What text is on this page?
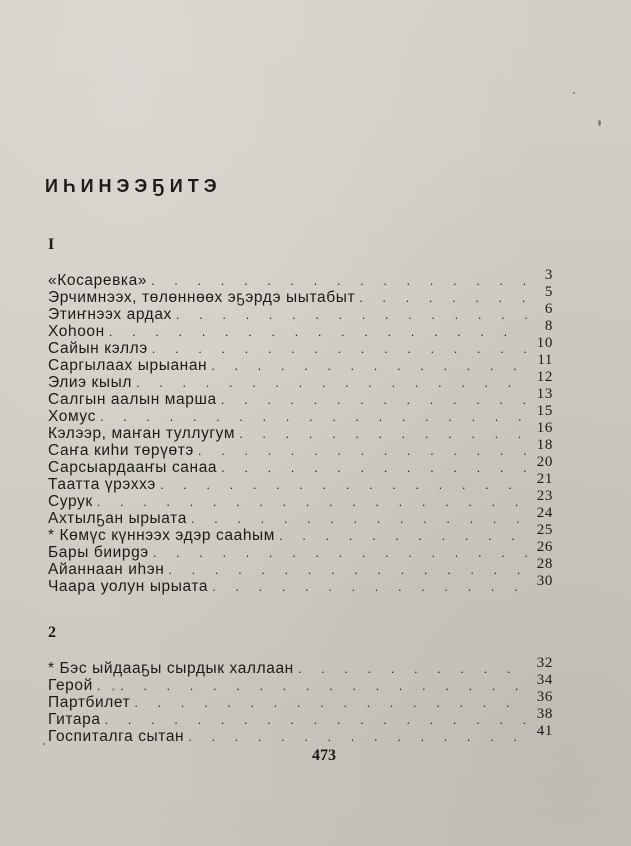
ИҺИНЭЭҔИТЭ
I
«Косаревка» . . .	3
Эрчимнээх, төлөннөөх эҕэрдэ ыытабыт . . .	5
Этиҥнээх ардах . . .	6
Хоһоон . . .	8
Сайын кэллэ . . .	10
Саргылаах ырыанан . . .	11
Элиэ кыыл . . .	12
Салгын аалын марша . . .	13
Хомус . . .	15
Кэлээр, маҥан туллугум . . .	16
Саҥа киһи төрүөтэ . . .	18
Сарсыардааҥы санаа . . .	20
Таатта үрэххэ . . .	21
Сурук . . .	23
Ахтылҕан ырыата . . .	24
* Көмүс күннээх эдэр сааһым . . .	25
Бары биирgэ . . .	26
Айаннаан иһэн . . .	28
Чаара уолун ырыата . . .	30
2
* Бэс ыйдааҕы сырдык халлаан . . .	32
Герой . . .	34
Партбилет . . .	36
Гитара . . .	38
Госпиталга сытан . . .	41
473
